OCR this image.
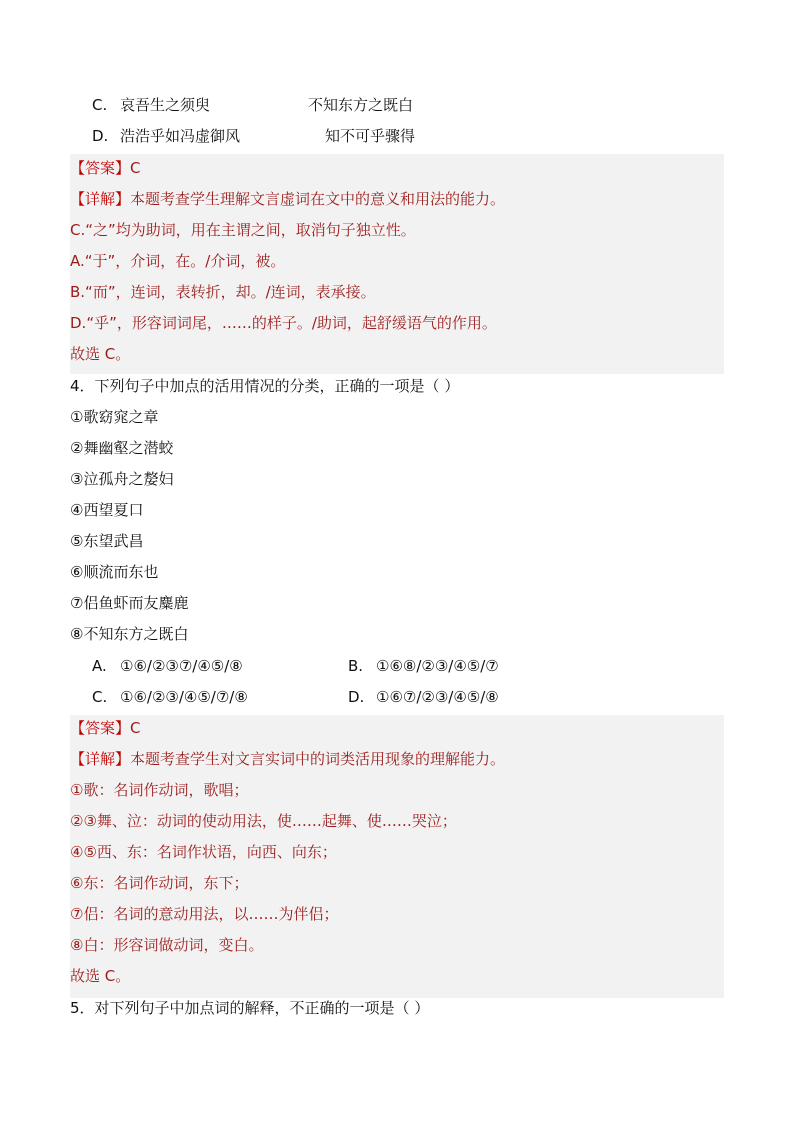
C. 哀吾生之须臾	不知东方之既白
D. 浩浩乎如冯虚御风	知不可乎骤得
【答案】C
【详解】本题考查学生理解文言虚词在文中的意义和用法的能力。
C.“之”均为助词，用在主谓之间，取消句子独立性。
A.“于”，介词，在。/介词，被。
B.“而”，连词，表转折，却。/连词，表承接。
D.“乎”，形容词词尾，……的样子。/助词，起舒缓语气的作用。
故选 C。
4．下列句子中加点的活用情况的分类，正确的一项是（ ）
①歌窈窕之章
②舞幽壑之潜蛟
③泣孤舟之嫠妇
④西望夏口
⑤东望武昌
⑥顺流而东也
⑦侣鱼虾而友麋鹿
⑧不知东方之既白
A. ①⑥/②③⑦/④⑤/⑧	B. ①⑥⑧/②③/④⑤/⑦
C. ①⑥/②③/④⑤/⑦/⑧	D. ①⑥⑦/②③/④⑤/⑧
【答案】C
【详解】本题考查学生对文言实词中的词类活用现象的理解能力。
①歌：名词作动词，歌唱；
②③舞、泣：动词的使动用法，使……起舞、使……哭泣；
④⑤西、东：名词作状语，向西、向东；
⑥东：名词作动词，东下；
⑦侣：名词的意动用法，以……为伴侣；
⑧白：形容词做动词，变白。
故选 C。
5．对下列句子中加点词的解释，不正确的一项是（ ）
